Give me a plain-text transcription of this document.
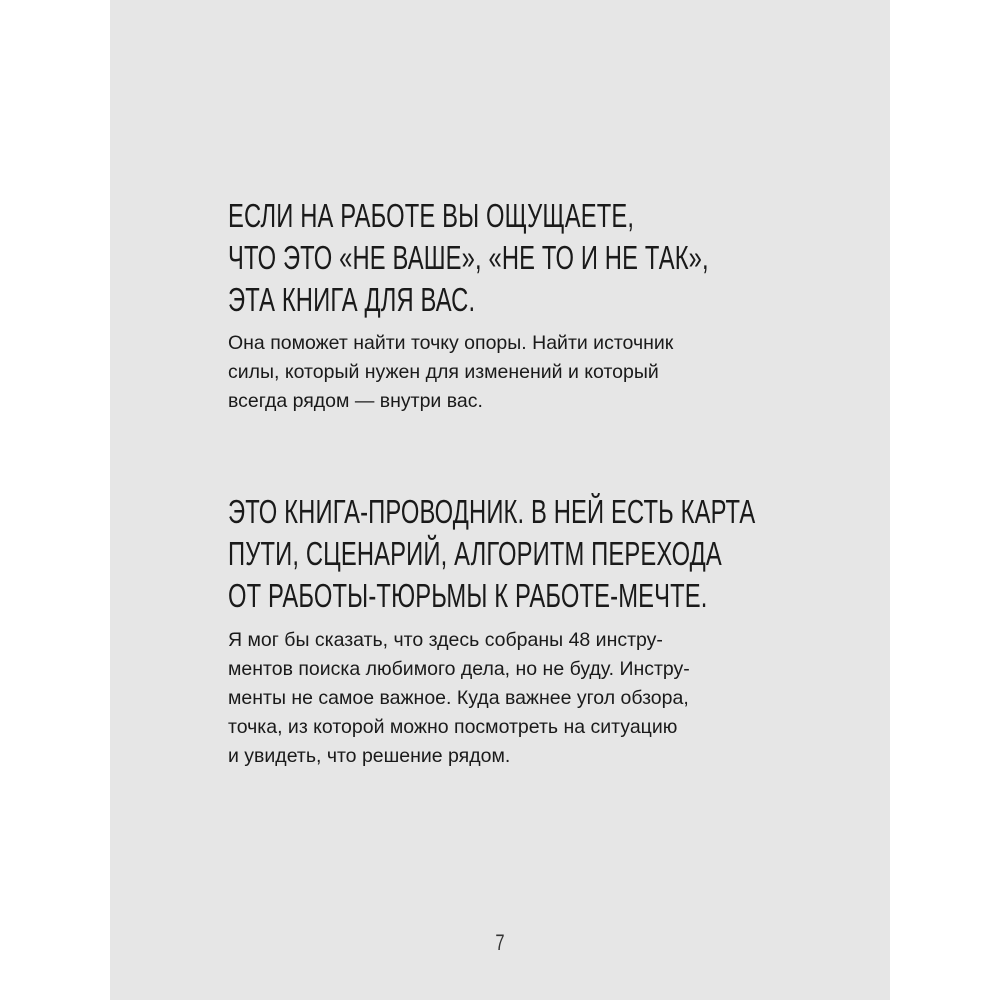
ЕСЛИ НА РАБОТЕ ВЫ ОЩУЩАЕТЕ,
ЧТО ЭТО «НЕ ВАШЕ», «НЕ ТО И НЕ ТАК»,
ЭТА КНИГА ДЛЯ ВАС.

Она поможет найти точку опоры. Найти источник
силы, который нужен для изменений и который
всегда рядом — внутри вас.

ЭТО КНИГА-ПРОВОДНИК. В НЕЙ ЕСТЬ КАРТА
ПУТИ, СЦЕНАРИЙ, АЛГОРИТМ ПЕРЕХОДА
ОТ РАБОТЫ-ТЮРЬМЫ К РАБОТЕ-МЕЧТЕ.

Я мог бы сказать, что здесь собраны 48 инстру-
ментов поиска любимого дела, но не буду. Инстру-
менты не самое важное. Куда важнее угол обзора,
точка, из которой можно посмотреть на ситуацию
и увидеть, что решение рядом.

7
